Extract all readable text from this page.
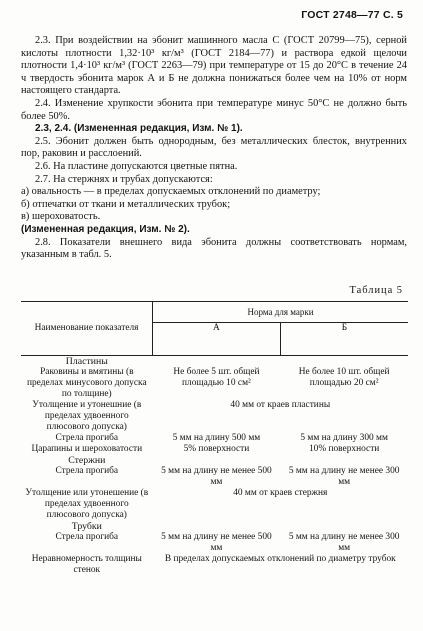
ГОСТ 2748—77 С. 5

2.3. При воздействии на эбонит машинного масла С (ГОСТ 20799—75), серной кислоты плотности 1,32·10³ кг/м³ (ГОСТ 2184—77) и раствора едкой щелочи плотности 1,4·10³ кг/м³ (ГОСТ 2263—79) при температуре от 15 до 20°С в течение 24 ч твердость эбонита марок А и Б не должна понижаться более чем на 10% от норм настоящего стандарта.

2.4. Изменение хрупкости эбонита при температуре минус 50°С не должно быть более 50%.

2.3, 2.4. (Измененная редакция, Изм. № 1).

2.5. Эбонит должен быть однородным, без металлических блесток, внутренних пор, раковин и расслоений.

2.6. На пластине допускаются цветные пятна.

2.7. На стержнях и трубах допускаются:

а) овальность — в пределах допускаемых отклонений по диаметру;

б) отпечатки от ткани и металлических трубок;

в) шероховатость.

(Измененная редакция, Изм. № 2).

2.8. Показатели внешнего вида эбонита должны соответствовать нормам, указанным в табл. 5.

Таблица 5
Наименование показателя	Норма для марки	
	А	Б
Пластины		
Раковины и вмятины (в пределах минусового допуска по толщине)	Не более 5 шт. общей площадью 10 см²	Не более 10 шт. общей площадью 20 см²
Утолщение и утонешние (в пределах удвоенного плюсового допуска)	40 мм от краев пластины	
Стрела прогиба	5 мм на длину 500 мм	5 мм на длину 300 мм
Царапины и шероховатости	5% поверхности	10% поверхности
Стержни		
Стрела прогиба	5 мм на длину не менее 500 мм	5 мм на длину не менее 300 мм
Утолщение или утонешение (в пределах удвоенного плюсового допуска)	40 мм от краев стержня	
Трубки		
Стрела прогиба	5 мм на длину не менее 500 мм	5 мм на длину не менее 300 мм
Неравномерность толщины стенок	В пределах допускаемых отклонений по диаметру трубок	
